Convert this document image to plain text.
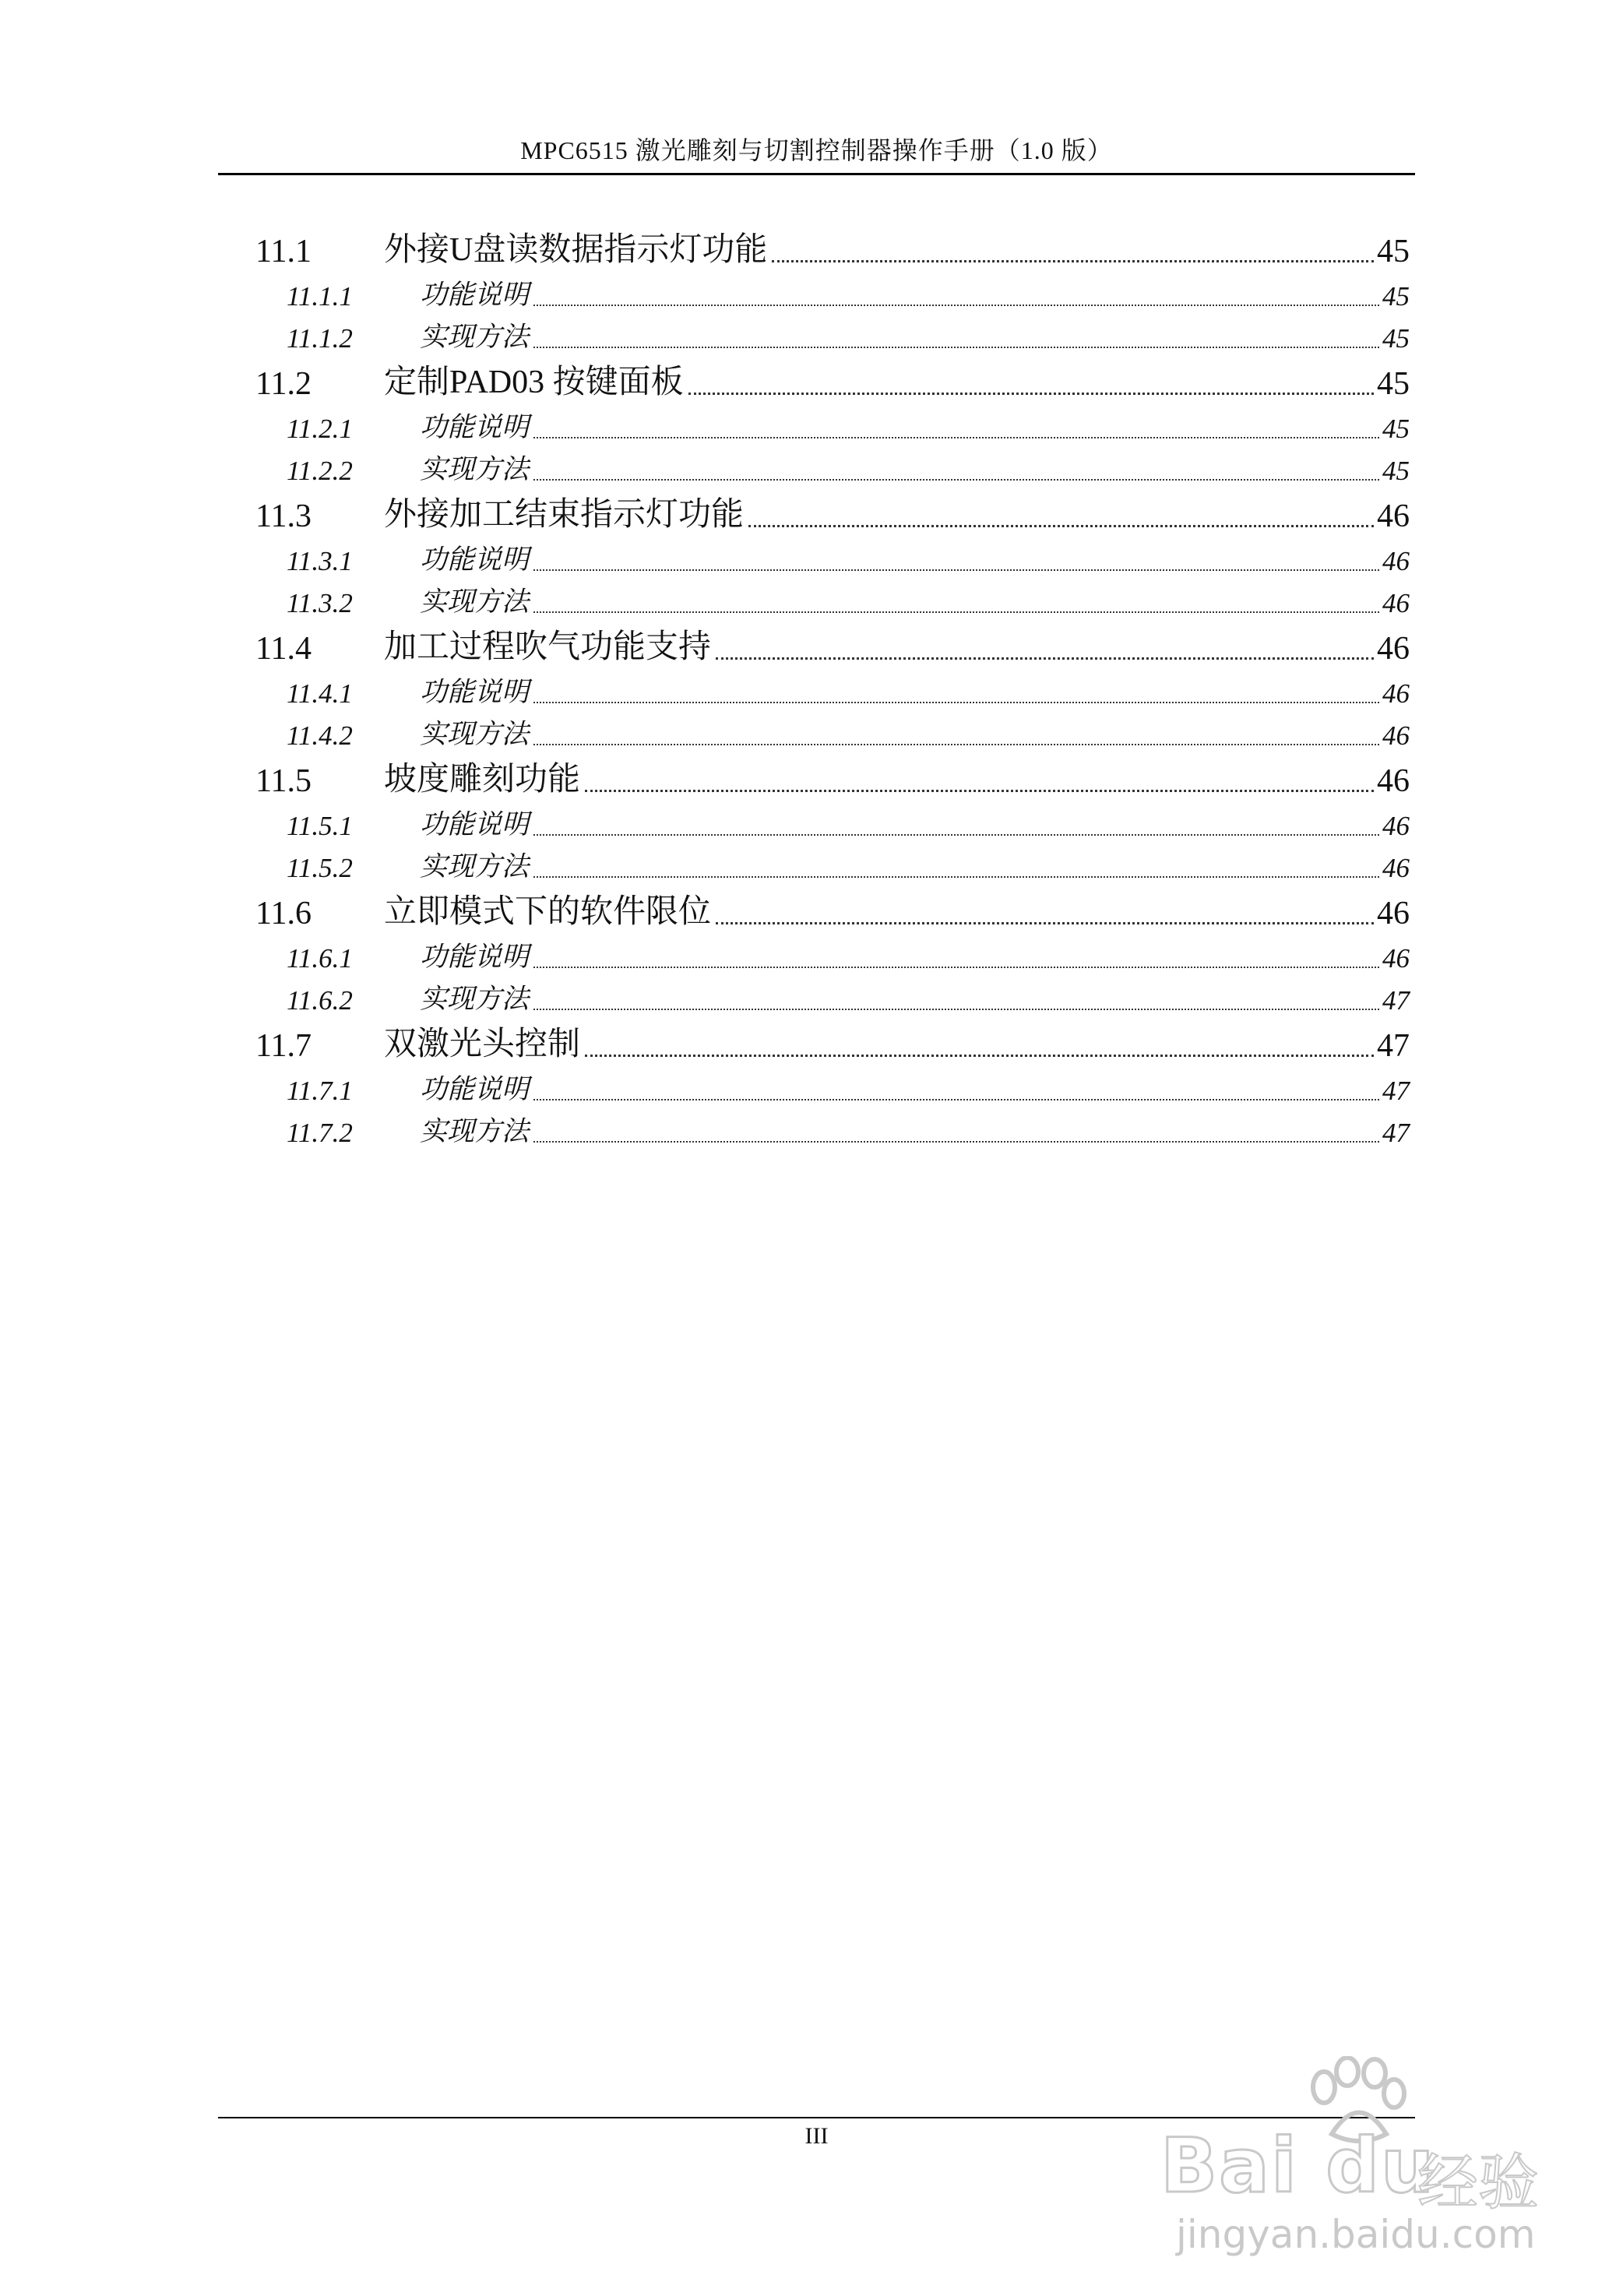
MPC6515 激光雕刻与切割控制器操作手册（1.0 版）
11.1	外接U盘读数据指示灯功能	45
11.1.1	功能说明	45
11.1.2	实现方法	45
11.2	定制PAD03 按键面板	45
11.2.1	功能说明	45
11.2.2	实现方法	45
11.3	外接加工结束指示灯功能	46
11.3.1	功能说明	46
11.3.2	实现方法	46
11.4	加工过程吹气功能支持	46
11.4.1	功能说明	46
11.4.2	实现方法	46
11.5	坡度雕刻功能	46
11.5.1	功能说明	46
11.5.2	实现方法	46
11.6	立即模式下的软件限位	46
11.6.1	功能说明	46
11.6.2	实现方法	47
11.7	双激光头控制	47
11.7.1	功能说明	47
11.7.2	实现方法	47
III	Bai du
经验
jingyan.baidu.com
